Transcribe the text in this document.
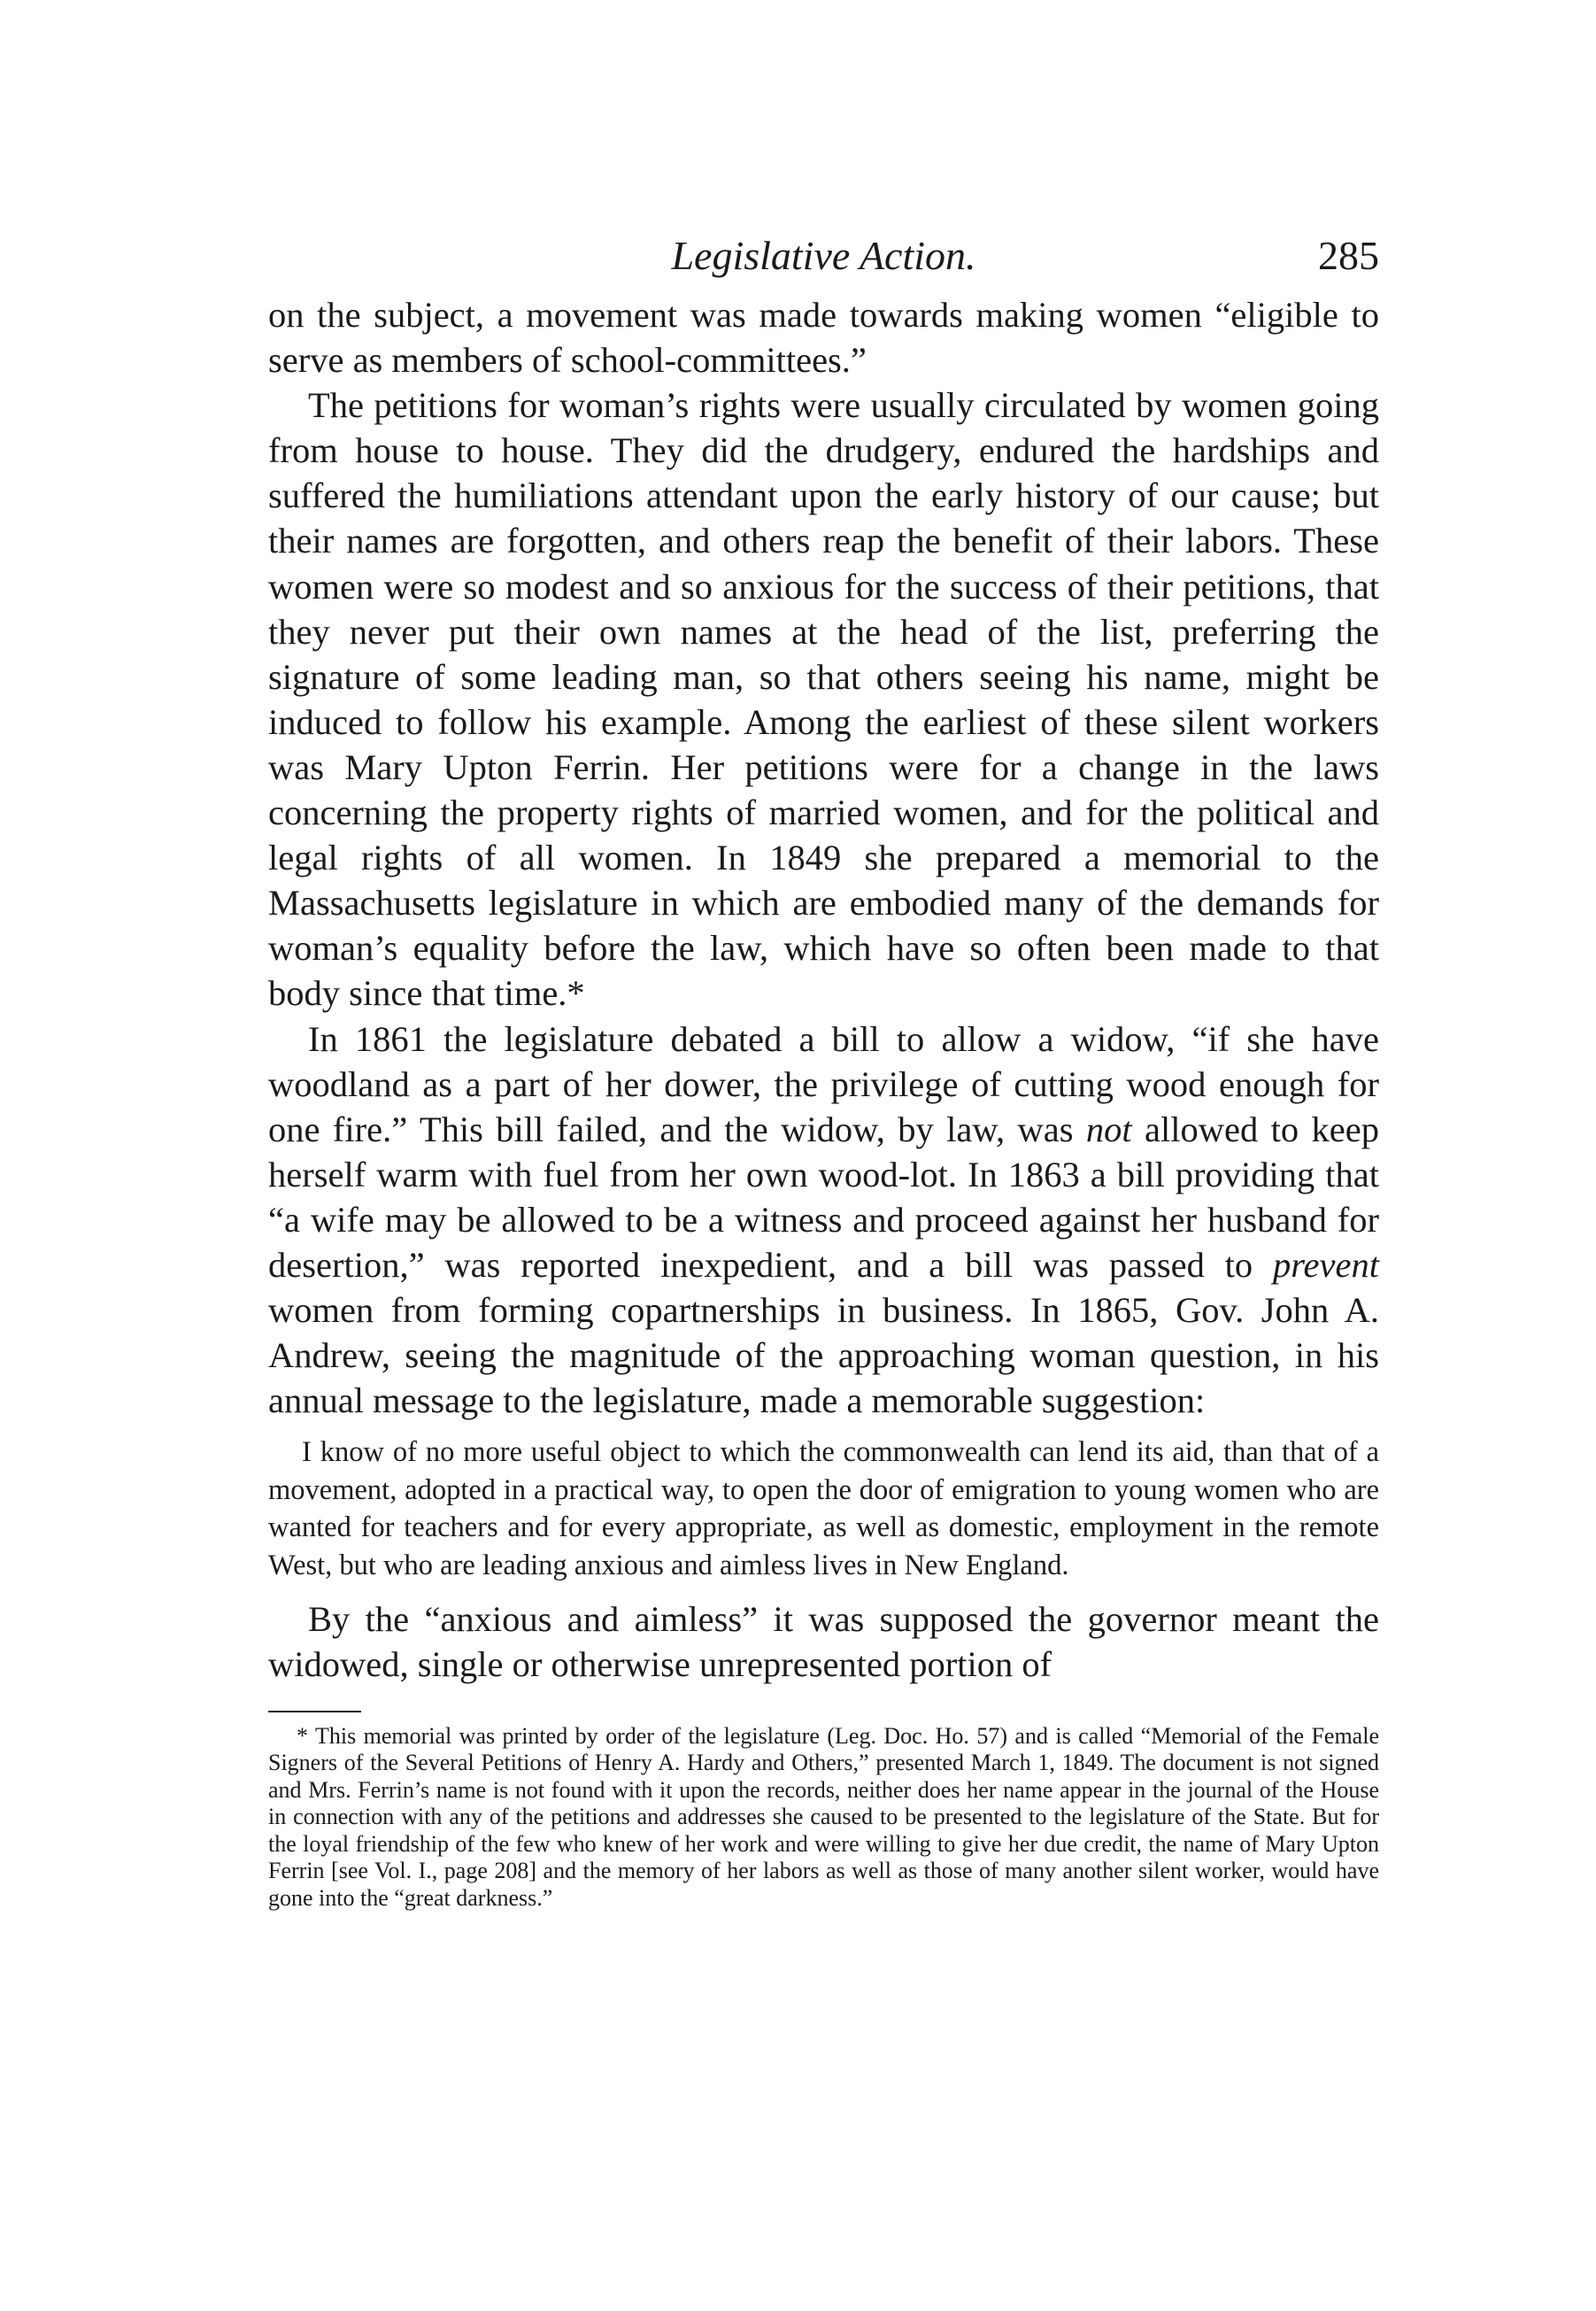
Legislative Action.	285

on the subject, a movement was made towards making women “eligible to serve as members of school-committees.”

The petitions for woman’s rights were usually circulated by women going from house to house. They did the drudgery, endured the hardships and suffered the humiliations attendant upon the early history of our cause; but their names are forgotten, and others reap the benefit of their labors. These women were so modest and so anxious for the success of their petitions, that they never put their own names at the head of the list, preferring the signature of some leading man, so that others seeing his name, might be induced to follow his example. Among the earliest of these silent workers was Mary Upton Ferrin. Her petitions were for a change in the laws concerning the property rights of married women, and for the political and legal rights of all women. In 1849 she prepared a memorial to the Massachusetts legislature in which are embodied many of the demands for woman’s equality before the law, which have so often been made to that body since that time.*

In 1861 the legislature debated a bill to allow a widow, “if she have woodland as a part of her dower, the privilege of cutting wood enough for one fire.” This bill failed, and the widow, by law, was not allowed to keep herself warm with fuel from her own wood-lot. In 1863 a bill providing that “a wife may be allowed to be a witness and proceed against her husband for desertion,” was reported inexpedient, and a bill was passed to prevent women from forming copartnerships in business. In 1865, Gov. John A. Andrew, seeing the magnitude of the approaching woman question, in his annual message to the legislature, made a memorable suggestion:

I know of no more useful object to which the commonwealth can lend its aid, than that of a movement, adopted in a practical way, to open the door of emigration to young women who are wanted for teachers and for every appropriate, as well as domestic, employment in the remote West, but who are leading anxious and aimless lives in New England.

By the “anxious and aimless” it was supposed the governor meant the widowed, single or otherwise unrepresented portion of

* This memorial was printed by order of the legislature (Leg. Doc. Ho. 57) and is called “Memorial of the Female Signers of the Several Petitions of Henry A. Hardy and Others,” presented March 1, 1849. The document is not signed and Mrs. Ferrin’s name is not found with it upon the records, neither does her name appear in the journal of the House in connection with any of the petitions and addresses she caused to be presented to the legislature of the State. But for the loyal friendship of the few who knew of her work and were willing to give her due credit, the name of Mary Upton Ferrin [see Vol. I., page 208] and the memory of her labors as well as those of many another silent worker, would have gone into the “great darkness.”
